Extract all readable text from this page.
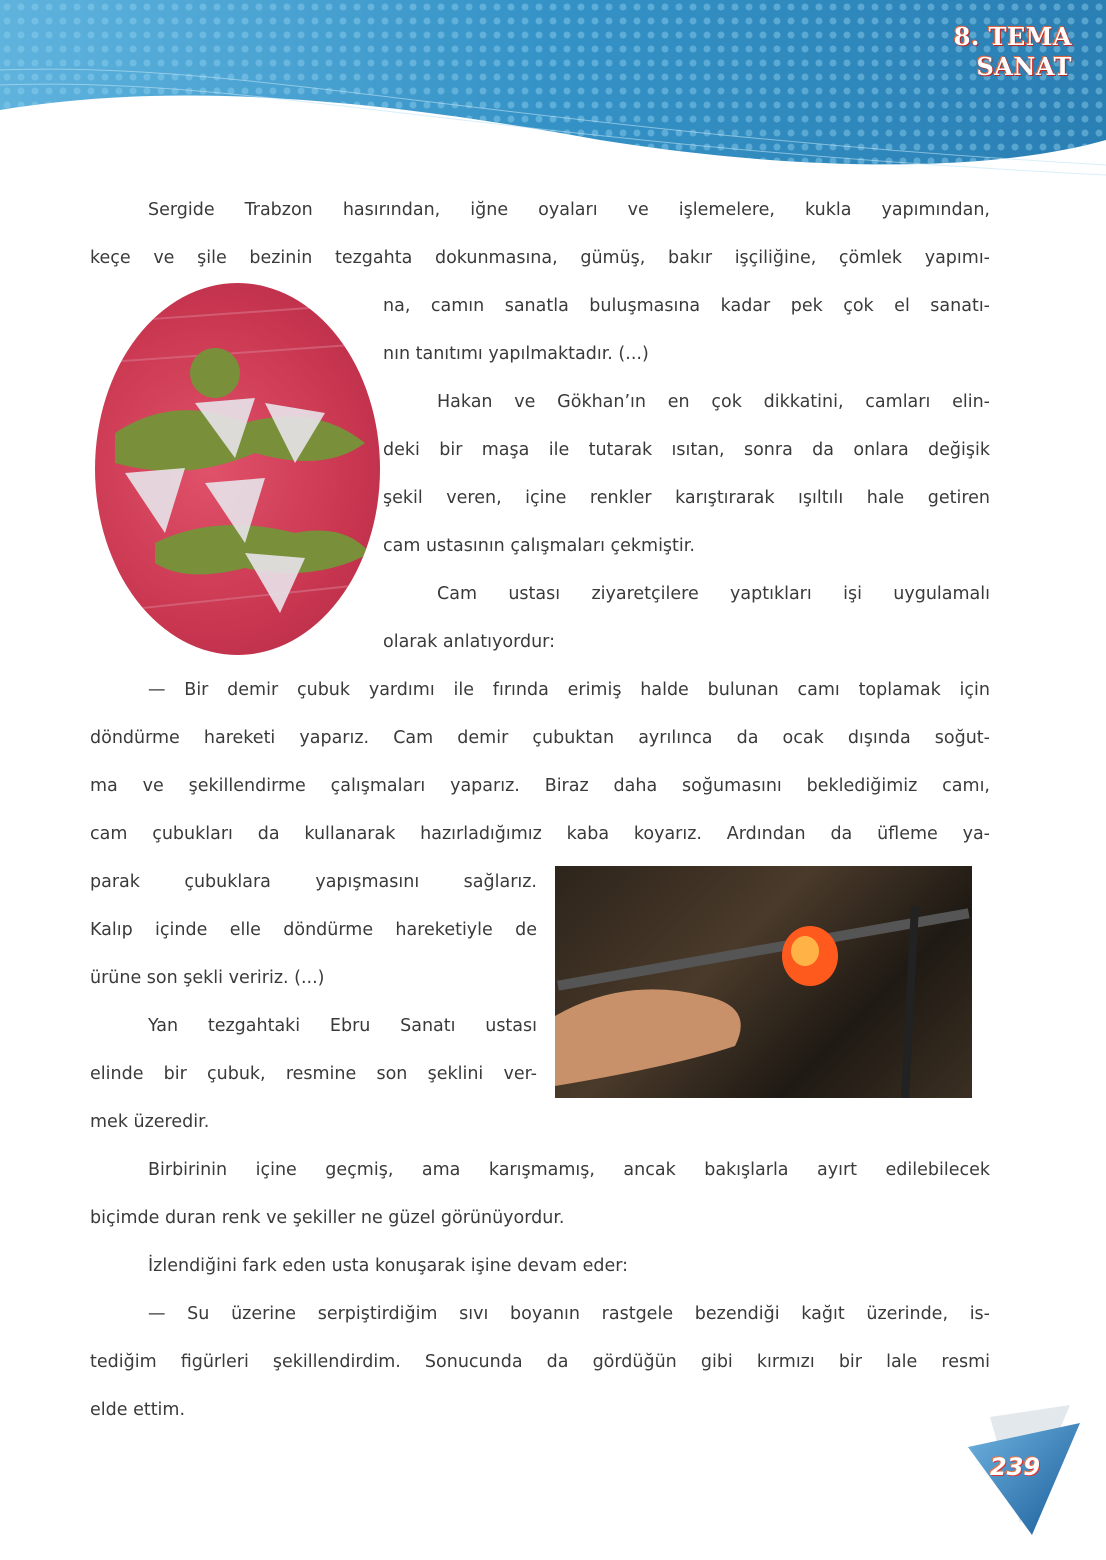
8. TEMA
SANAT
Sergide Trabzon hasırından, iğne oyaları ve işlemelere, kukla yapımından,
keçe ve şile bezinin tezgahta dokunmasına, gümüş, bakır işçiliğine, çömlek yapımı-
na, camın sanatla buluşmasına kadar pek çok el sanatı-
nın tanıtımı yapılmaktadır. (...)
Hakan ve Gökhan’ın en çok dikkatini, camları elin-
deki bir maşa ile tutarak ısıtan, sonra da onlara değişik
şekil veren, içine renkler karıştırarak ışıltılı hale getiren
cam ustasının çalışmaları çekmiştir.
Cam ustası ziyaretçilere yaptıkları işi uygulamalı
olarak anlatıyordur:
— Bir demir çubuk yardımı ile fırında erimiş halde bulunan camı toplamak için
döndürme hareketi yaparız. Cam demir çubuktan ayrılınca da ocak dışında soğut-
ma ve şekillendirme çalışmaları yaparız. Biraz daha soğumasını beklediğimiz camı,
cam çubukları da kullanarak hazırladığımız kaba koyarız. Ardından da üfleme ya-
parak çubuklara yapışmasını sağlarız.
Kalıp içinde elle döndürme hareketiyle de
ürüne son şekli veririz. (...)
Yan tezgahtaki Ebru Sanatı ustası
elinde bir çubuk, resmine son şeklini ver-
mek üzeredir.
Birbirinin içine geçmiş, ama karışmamış, ancak bakışlarla ayırt edilebilecek
biçimde duran renk ve şekiller ne güzel görünüyordur.
İzlendiğini fark eden usta konuşarak işine devam eder:
— Su üzerine serpiştirdiğim sıvı boyanın rastgele bezendiği kağıt üzerinde, is-
tediğim figürleri şekillendirdim. Sonucunda da gördüğün gibi kırmızı bir lale resmi
elde ettim.
239
